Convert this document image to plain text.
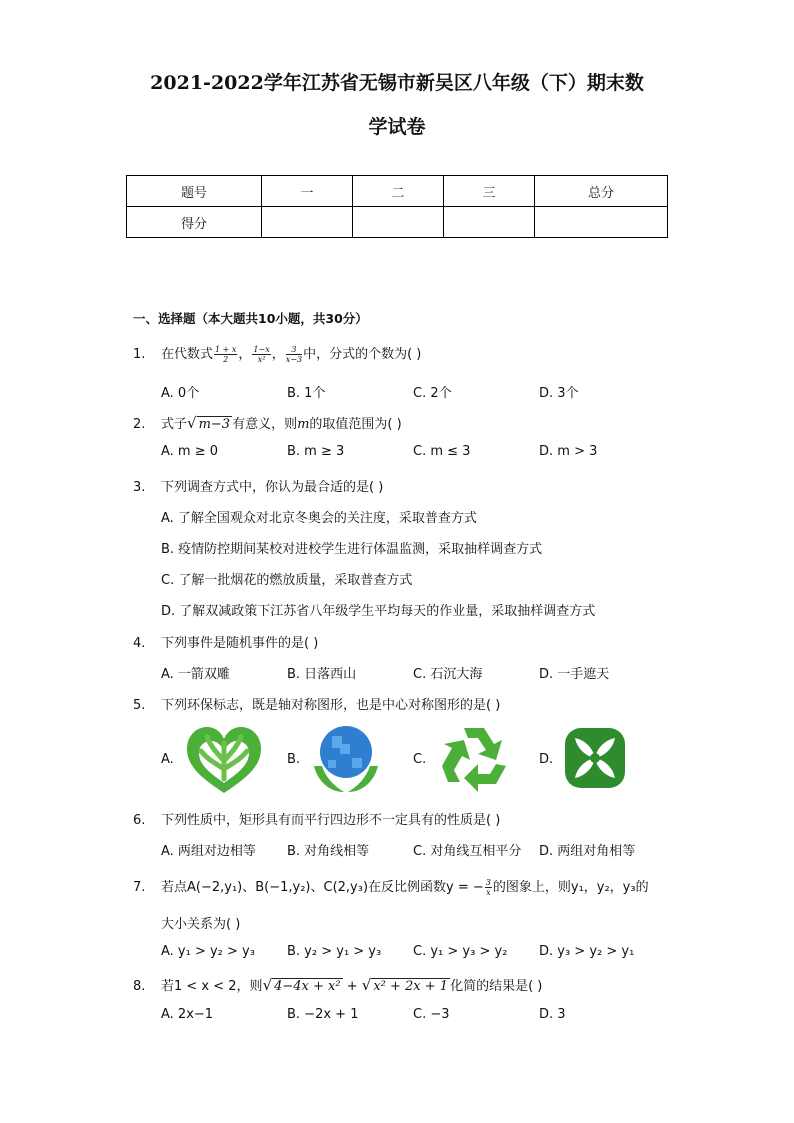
2021-2022学年江苏省无锡市新吴区八年级（下）期末数
学试卷
题号	一	二	三	总分
得分				
一、选择题（本大题共10小题，共30分）
1. 在代数式 $\frac{1 + x}{2}$ ， $\frac{1-x}{\text{x²}}$ ， $\frac{3}{x-3}$ 中，分式的个数为( )
A. 0个	B. 1个	C. 2个	D. 3个
2. 式子√ m−3 有意义，则m的取值范围为( )
A. m ≥ 0	B. m ≥ 3	C. m ≤ 3	D. m > 3
3. 下列调查方式中，你认为最合适的是( )
A. 了解全国观众对北京冬奥会的关注度，采取普查方式
B. 疫情防控期间某校对进校学生进行体温监测，采取抽样调查方式
C. 了解一批烟花的燃放质量，采取普查方式
D. 了解双减政策下江苏省八年级学生平均每天的作业量，采取抽样调查方式
4. 下列事件是随机事件的是( )
A. 一箭双雕	B. 日落西山	C. 石沉大海	D. 一手遮天
5. 下列环保标志，既是轴对称图形，也是中心对称图形的是( )
A.	B.	C.	D.
6. 下列性质中，矩形具有而平行四边形不一定具有的性质是( )
A. 两组对边相等 B. 对角线相等	C. 对角线互相平分 D. 两组对角相等
7. 若点A(−2,y₁)、B(−1,y₂)、C(2,y₃)在反比例函数y = − $\frac{3}{x}$ 的图象上，则y₁，y₂，y₃的
大小关系为( )
A. y₁ > y₂ > y₃ B. y₂ > y₁ > y₃ C. y₁ > y₃ > y₂ D. y₃ > y₂ > y₁
8. 若1 < x < 2，则√ 4−4x + x² + √ x² + 2x + 1 化简的结果是( )
A. 2x−1	B. −2x + 1	C. −3	D. 3
